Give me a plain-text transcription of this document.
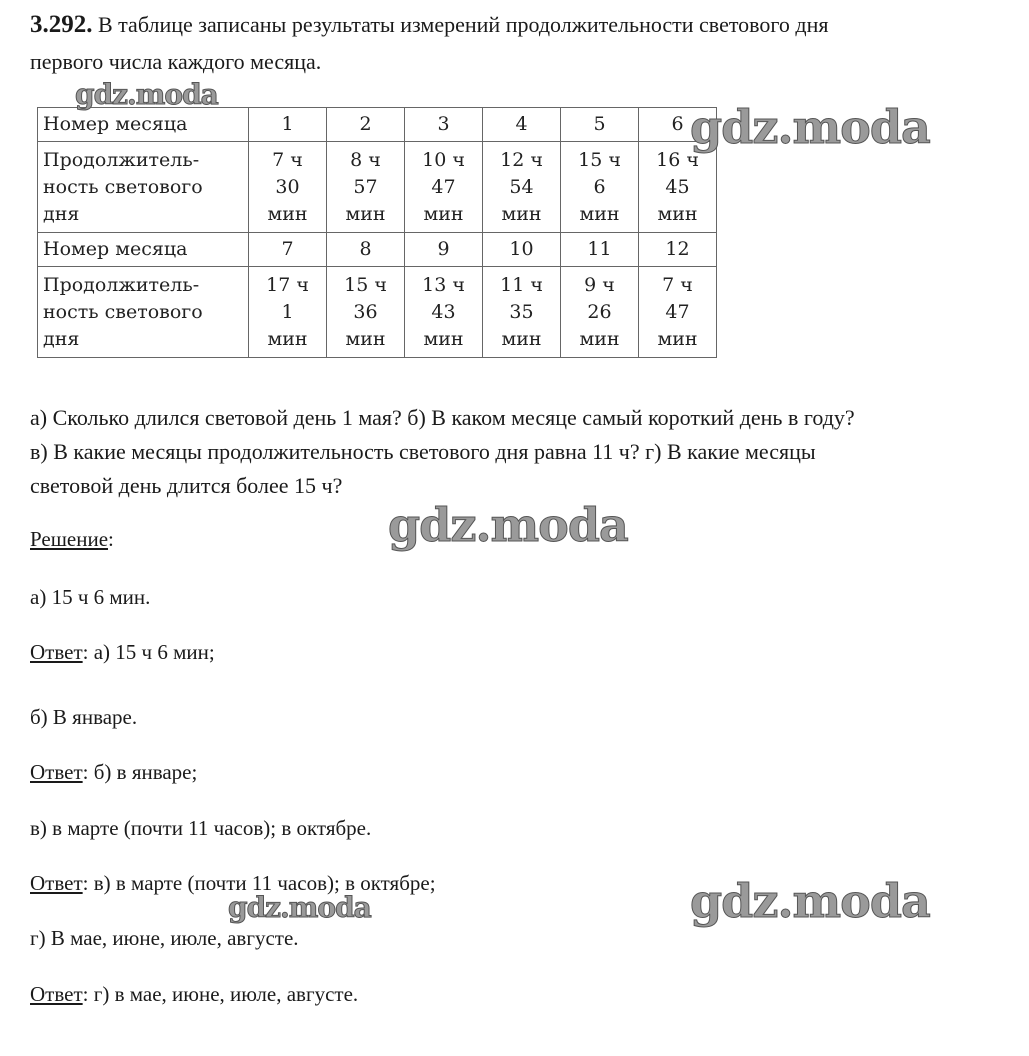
3.292. В таблице записаны результаты измерений продолжительности светового дня
первого числа каждого месяца.
Номер месяца	1	2	3	4	5	6

Продолжитель-
ность светового
дня	7 ч
30
мин	8 ч
57
мин	10 ч
47
мин	12 ч
54
мин	15 ч
6
мин	16 ч
45
мин

Номер месяца	7	8	9	10	11	12

Продолжитель-
ность светового
дня	17 ч
1
мин	15 ч
36
мин	13 ч
43
мин	11 ч
35
мин	9 ч
26
мин	7 ч
47
мин
а) Сколько длился световой день 1 мая? б) В каком месяце самый короткий день в году?
в) В какие месяцы продолжительность светового дня равна 11 ч? г) В какие месяцы
световой день длится более 15 ч?
Решение:
а) 15 ч 6 мин.
Ответ: а) 15 ч 6 мин;
б) В январе.
Ответ: б) в январе;
в) в марте (почти 11 часов); в октябре.
Ответ: в) в марте (почти 11 часов); в октябре;
г) В мае, июне, июле, августе.
Ответ: г) в мае, июне, июле, августе.
gdz.moda
gdz.moda
gdz.moda
gdz.moda	gdz.moda
